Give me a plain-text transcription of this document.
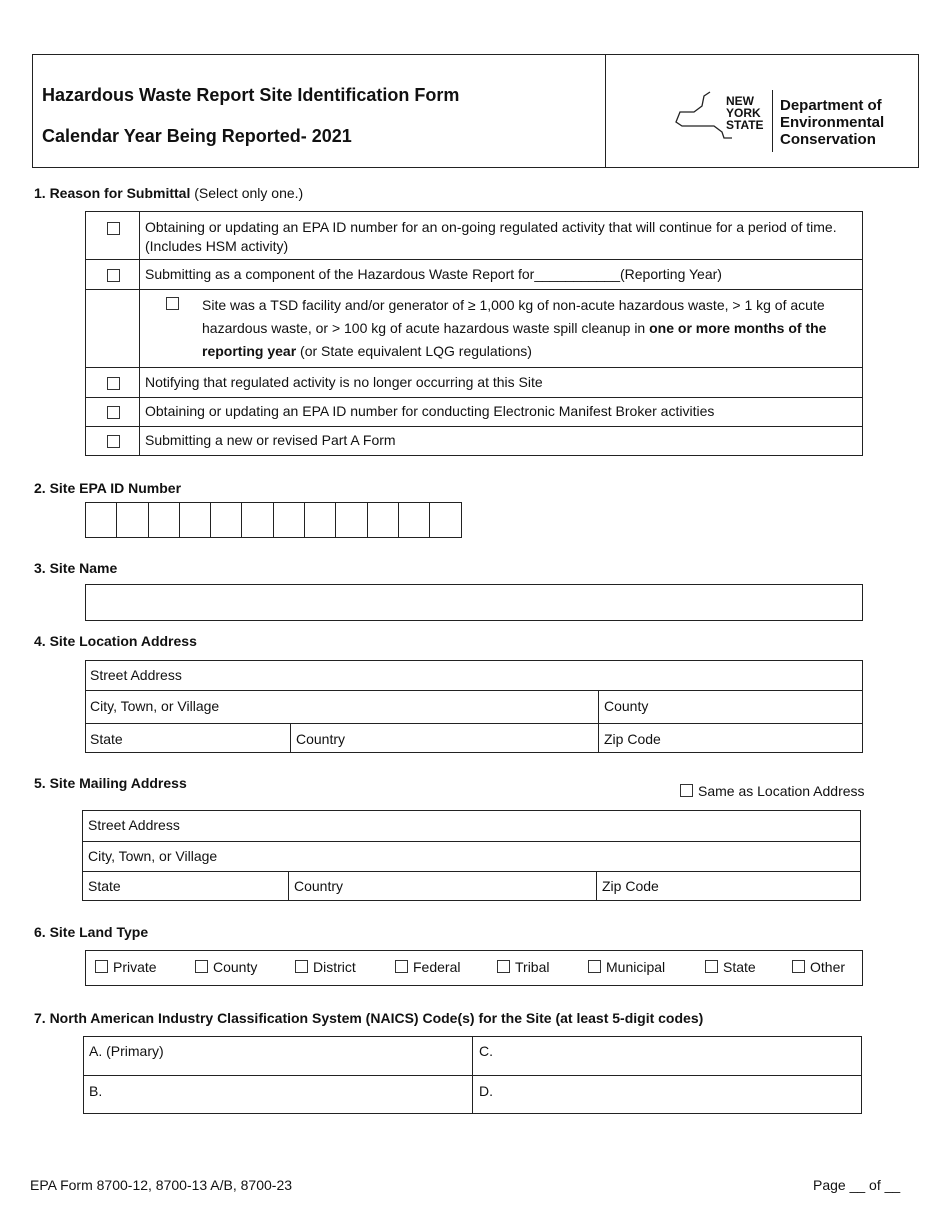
Hazardous Waste Report Site Identification Form
Calendar Year Being Reported- 2021
NEW
YORK
STATE
Department of
Environmental
Conservation
1. Reason for Submittal (Select only one.)
Obtaining or updating an EPA ID number for an on-going regulated activity that will continue for a period of time. (Includes HSM activity)
Submitting as a component of the Hazardous Waste Report for___________(Reporting Year)
Site was a TSD facility and/or generator of ≥ 1,000 kg of non-acute hazardous waste, > 1 kg of acute hazardous waste, or > 100 kg of acute hazardous waste spill cleanup in one or more months of the reporting year (or State equivalent LQG regulations)
Notifying that regulated activity is no longer occurring at this Site
Obtaining or updating an EPA ID number for conducting Electronic Manifest Broker activities
Submitting a new or revised Part A Form
2. Site EPA ID Number
3. Site Name
4. Site Location Address
Street Address
City, Town, or Village	County
State	Country	Zip Code
5. Site Mailing Address	Same as Location Address
Street Address
City, Town, or Village
State	Country	Zip Code
6. Site Land Type
Private	County	District	Federal	Tribal	Municipal	State	Other
7. North American Industry Classification System (NAICS) Code(s) for the Site (at least 5-digit codes)
A. (Primary)	C.
B.	D.
EPA Form 8700-12, 8700-13 A/B, 8700-23	Page __ of __
